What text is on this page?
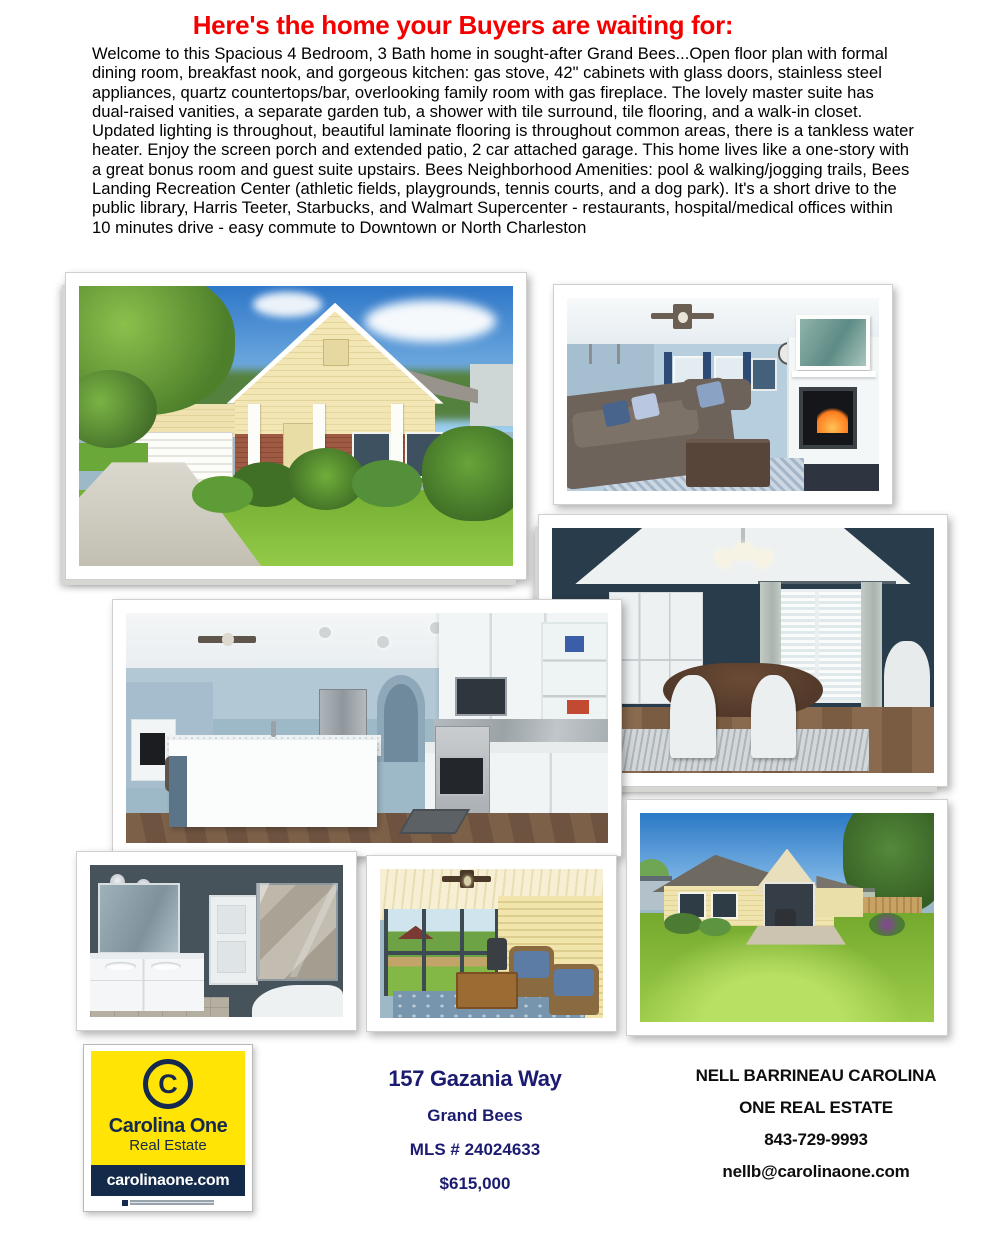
Here's the home your Buyers are waiting for:
Welcome to this Spacious 4 Bedroom, 3 Bath home in sought-after Grand Bees...Open floor plan with formal dining room, breakfast nook, and gorgeous kitchen: gas stove, 42" cabinets with glass doors, stainless steel appliances, quartz countertops/bar, overlooking family room with gas fireplace. The lovely master suite has dual-raised vanities, a separate garden tub, a shower with tile surround, tile flooring, and a walk-in closet. Updated lighting is throughout, beautiful laminate flooring is throughout common areas, there is a tankless water heater. Enjoy the screen porch and extended patio, 2 car attached garage. This home lives like a one-story with a great bonus room and guest suite upstairs. Bees Neighborhood Amenities: pool & walking/jogging trails, Bees Landing Recreation Center (athletic fields, playgrounds, tennis courts, and a dog park). It's a short drive to the public library, Harris Teeter, Starbucks, and Walmart Supercenter - restaurants, hospital/medical offices within 10 minutes drive - easy commute to Downtown or North Charleston
C
Carolina One
Real Estate
carolinaone.com
157 Gazania Way
Grand Bees
MLS # 24024633
$615,000
NELL BARRINEAU CAROLINA
ONE REAL ESTATE
843-729-9993
nellb@carolinaone.com
